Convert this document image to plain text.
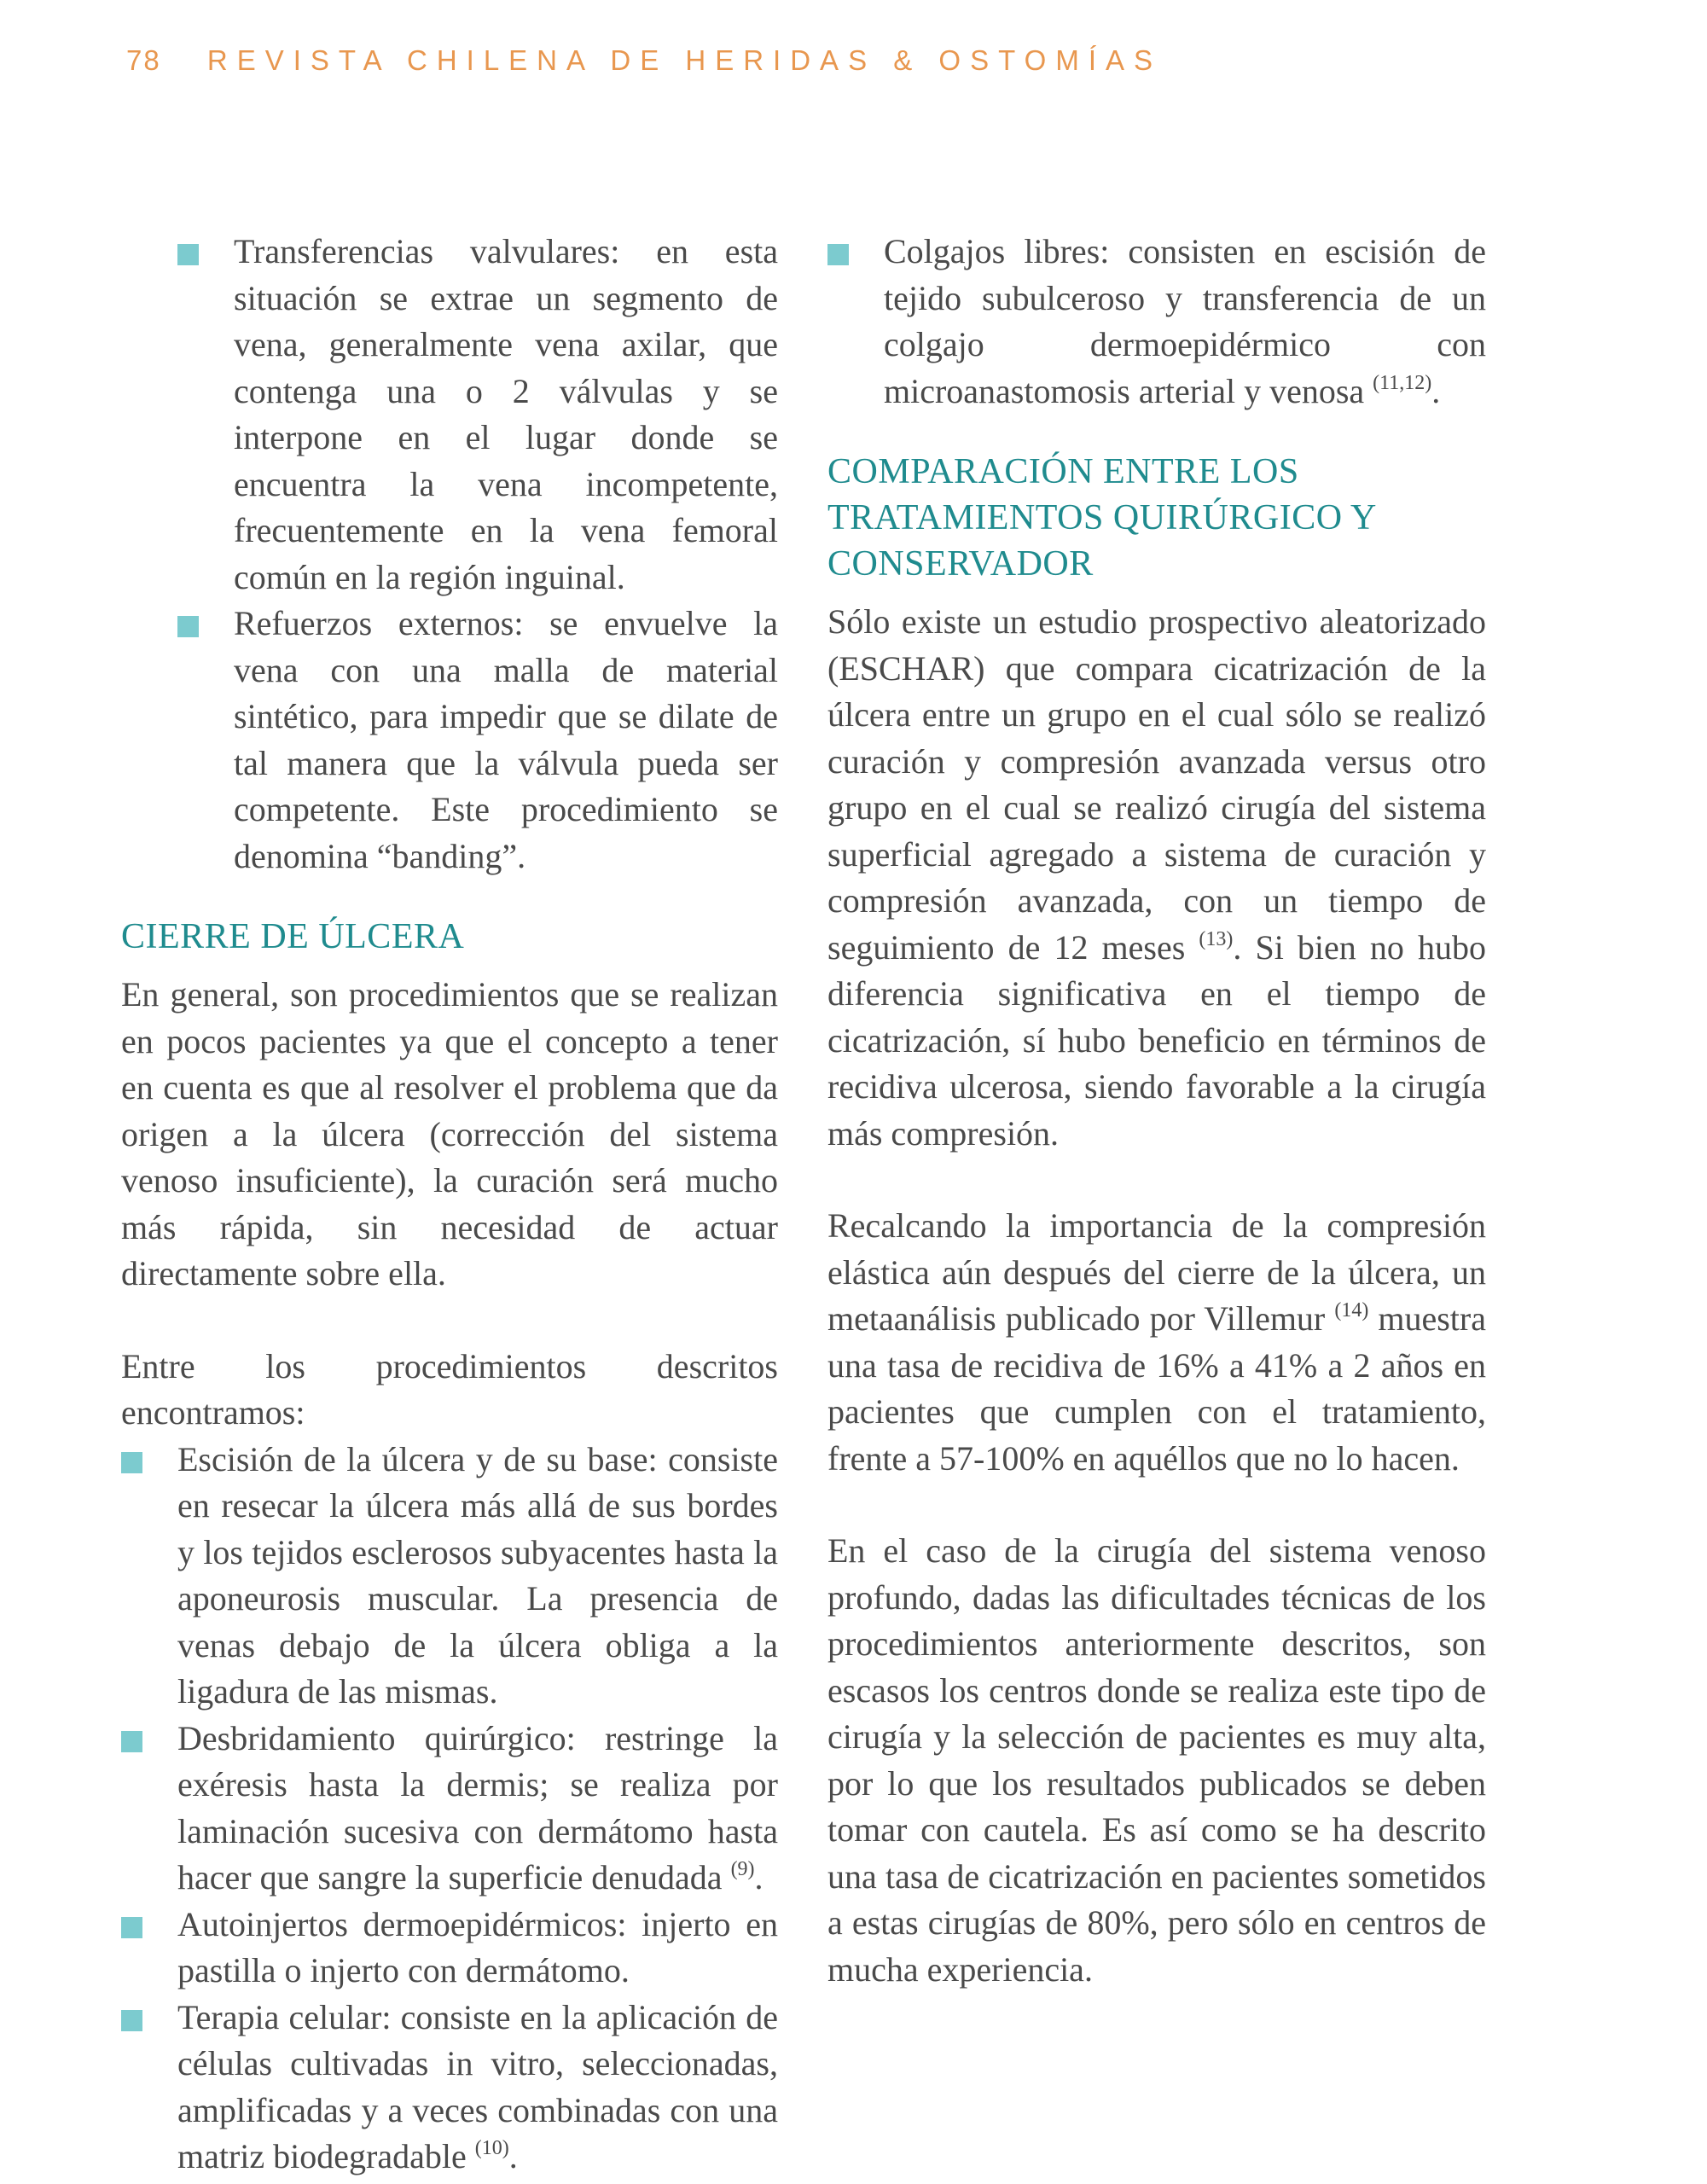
78 REVISTA CHILENA DE HERIDAS & OSTOMÍAS
Transferencias valvulares: en esta situación se extrae un segmento de vena, generalmente vena axilar, que contenga una o 2 válvulas y se interpone en el lugar donde se encuentra la vena incompetente, frecuentemente en la vena femoral común en la región inguinal.
Refuerzos externos: se envuelve la vena con una malla de material sintético, para impedir que se dilate de tal manera que la válvula pueda ser competente. Este procedimiento se denomina “banding”.
CIERRE DE ÚLCERA

En general, son procedimientos que se realizan en pocos pacientes ya que el concepto a tener en cuenta es que al resolver el problema que da origen a la úlcera (corrección del sistema venoso insuficiente), la curación será mucho más rápida, sin necesidad de actuar directamente sobre ella.

Entre los procedimientos descritos encontramos:

Escisión de la úlcera y de su base: consiste en resecar la úlcera más allá de sus bordes y los tejidos esclerosos subyacentes hasta la aponeurosis muscular. La presencia de venas debajo de la úlcera obliga a la ligadura de las mismas.
Desbridamiento quirúrgico: restringe la exéresis hasta la dermis; se realiza por laminación sucesiva con dermátomo hasta hacer que sangre la superficie denudada $^{(9)}$.
Autoinjertos dermoepidérmicos: injerto en pastilla o injerto con dermátomo.
Terapia celular: consiste en la aplicación de células cultivadas in vitro, seleccionadas, amplificadas y a veces combinadas con una matriz biodegradable $^{(10)}$.
Colgajos libres: consisten en escisión de tejido subulceroso y transferencia de un colgajo dermoepidérmico con microanastomosis arterial y venosa $^{(11,12)}$.
COMPARACIÓN ENTRE LOS
TRATAMIENTOS QUIRÚRGICO Y
CONSERVADOR

Sólo existe un estudio prospectivo aleatorizado (ESCHAR) que compara cicatrización de la úlcera entre un grupo en el cual sólo se realizó curación y compresión avanzada versus otro grupo en el cual se realizó cirugía del sistema superficial agregado a sistema de curación y compresión avanzada, con un tiempo de seguimiento de 12 meses $^{(13)}$. Si bien no hubo diferencia significativa en el tiempo de cicatrización, sí hubo beneficio en términos de recidiva ulcerosa, siendo favorable a la cirugía más compresión.

Recalcando la importancia de la compresión elástica aún después del cierre de la úlcera, un metaanálisis publicado por Villemur $^{(14)}$ muestra una tasa de recidiva de 16% a 41% a 2 años en pacientes que cumplen con el tratamiento, frente a 57-100% en aquéllos que no lo hacen.

En el caso de la cirugía del sistema venoso profundo, dadas las dificultades técnicas de los procedimientos anteriormente descritos, son escasos los centros donde se realiza este tipo de cirugía y la selección de pacientes es muy alta, por lo que los resultados publicados se deben tomar con cautela. Es así como se ha descrito una tasa de cicatrización en pacientes sometidos a estas cirugías de 80%, pero sólo en centros de mucha experiencia.
